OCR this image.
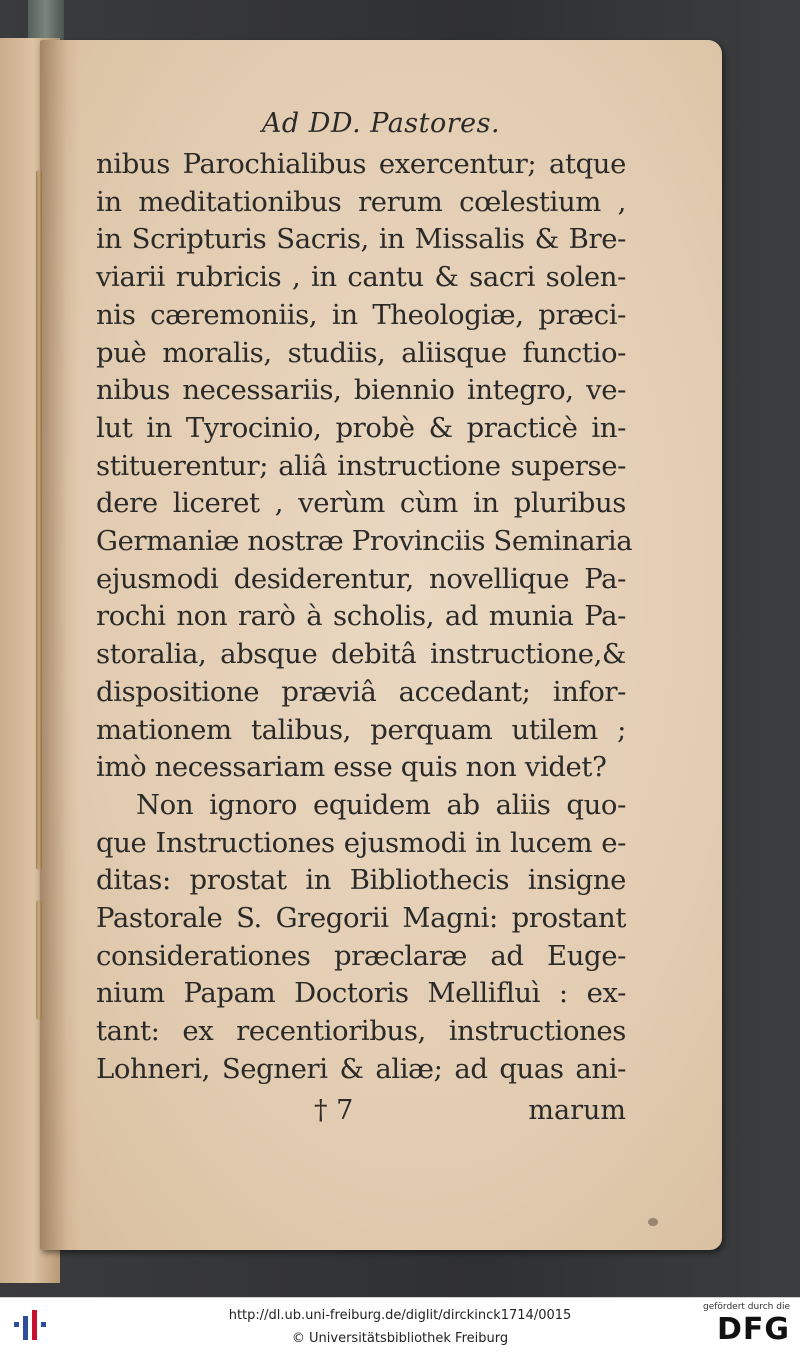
Ad DD. Pastores.
nibus Parochialibus exercentur; atque
in meditationibus rerum cœlestium ,
in Scripturis Sacris, in Missalis & Bre-
viarii rubricis , in cantu & sacri solen-
nis cæremoniis, in Theologiæ, præci-
puè moralis, studiis, aliisque functio-
nibus necessariis, biennio integro, ve-
lut in Tyrocinio, probè & practicè in-
stituerentur; aliâ instructione superse-
dere liceret , verùm cùm in pluribus
Germaniæ nostræ Provinciis Seminaria
ejusmodi desiderentur, novellique Pa-
rochi non rarò à scholis, ad munia Pa-
storalia, absque debitâ instructione,&
dispositione præviâ accedant; infor-
mationem talibus, perquam utilem ;
imò necessariam esse quis non videt?
Non ignoro equidem ab aliis quo-
que Instructiones ejusmodi in lucem e-
ditas: prostat in Bibliothecis insigne
Pastorale S. Gregorii Magni: prostant
considerationes præclaræ ad Euge-
nium Papam Doctoris Mellifluì : ex-
tant: ex recentioribus, instructiones
Lohneri, Segneri & aliæ; ad quas ani-
† 7	marum
http://dl.ub.uni-freiburg.de/diglit/dirckinck1714/0015
© Universitätsbibliothek Freiburg
gefördert durch die
DFG
